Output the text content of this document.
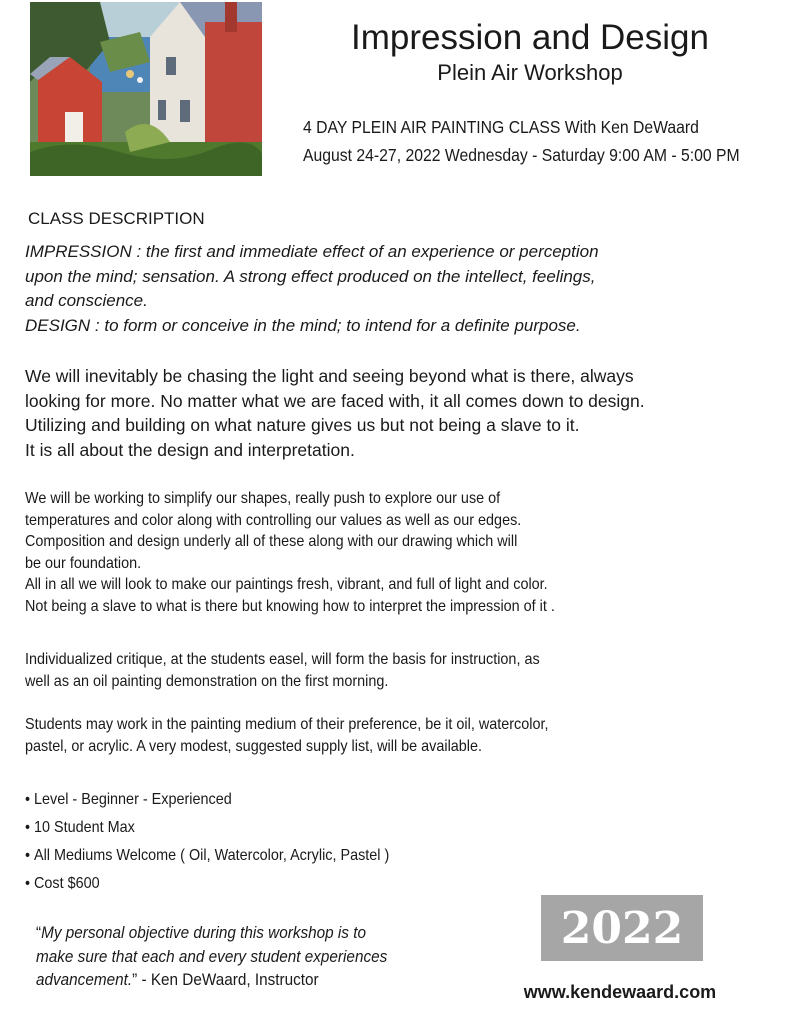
Impression and Design
Plein Air Workshop
4 DAY PLEIN AIR PAINTING CLASS With Ken DeWaard
August 24-27, 2022 Wednesday - Saturday 9:00 AM - 5:00 PM
CLASS DESCRIPTION
IMPRESSION : the first and immediate effect of an experience or perception
upon the mind; sensation. A strong effect produced on the intellect, feelings,
and conscience.
DESIGN : to form or conceive in the mind; to intend for a definite purpose.
We will inevitably be chasing the light and seeing beyond what is there, always
looking for more. No matter what we are faced with, it all comes down to design.
Utilizing and building on what nature gives us but not being a slave to it.
It is all about the design and interpretation.
We will be working to simplify our shapes, really push to explore our use of
temperatures and color along with controlling our values as well as our edges.
Composition and design underly all of these along with our drawing which will
be our foundation.
All in all we will look to make our paintings fresh, vibrant, and full of light and color.
Not being a slave to what is there but knowing how to interpret the impression of it .
Individualized critique, at the students easel, will form the basis for instruction, as
well as an oil painting demonstration on the first morning.
Students may work in the painting medium of their preference, be it oil, watercolor,
pastel, or acrylic. A very modest, suggested supply list, will be available.
• Level - Beginner - Experienced
• 10 Student Max
• All Mediums Welcome ( Oil, Watercolor, Acrylic, Pastel )
• Cost $600
“My personal objective during this workshop is to
make sure that each and every student experiences
advancement.” - Ken DeWaard, Instructor
2022
www.kendewaard.com
